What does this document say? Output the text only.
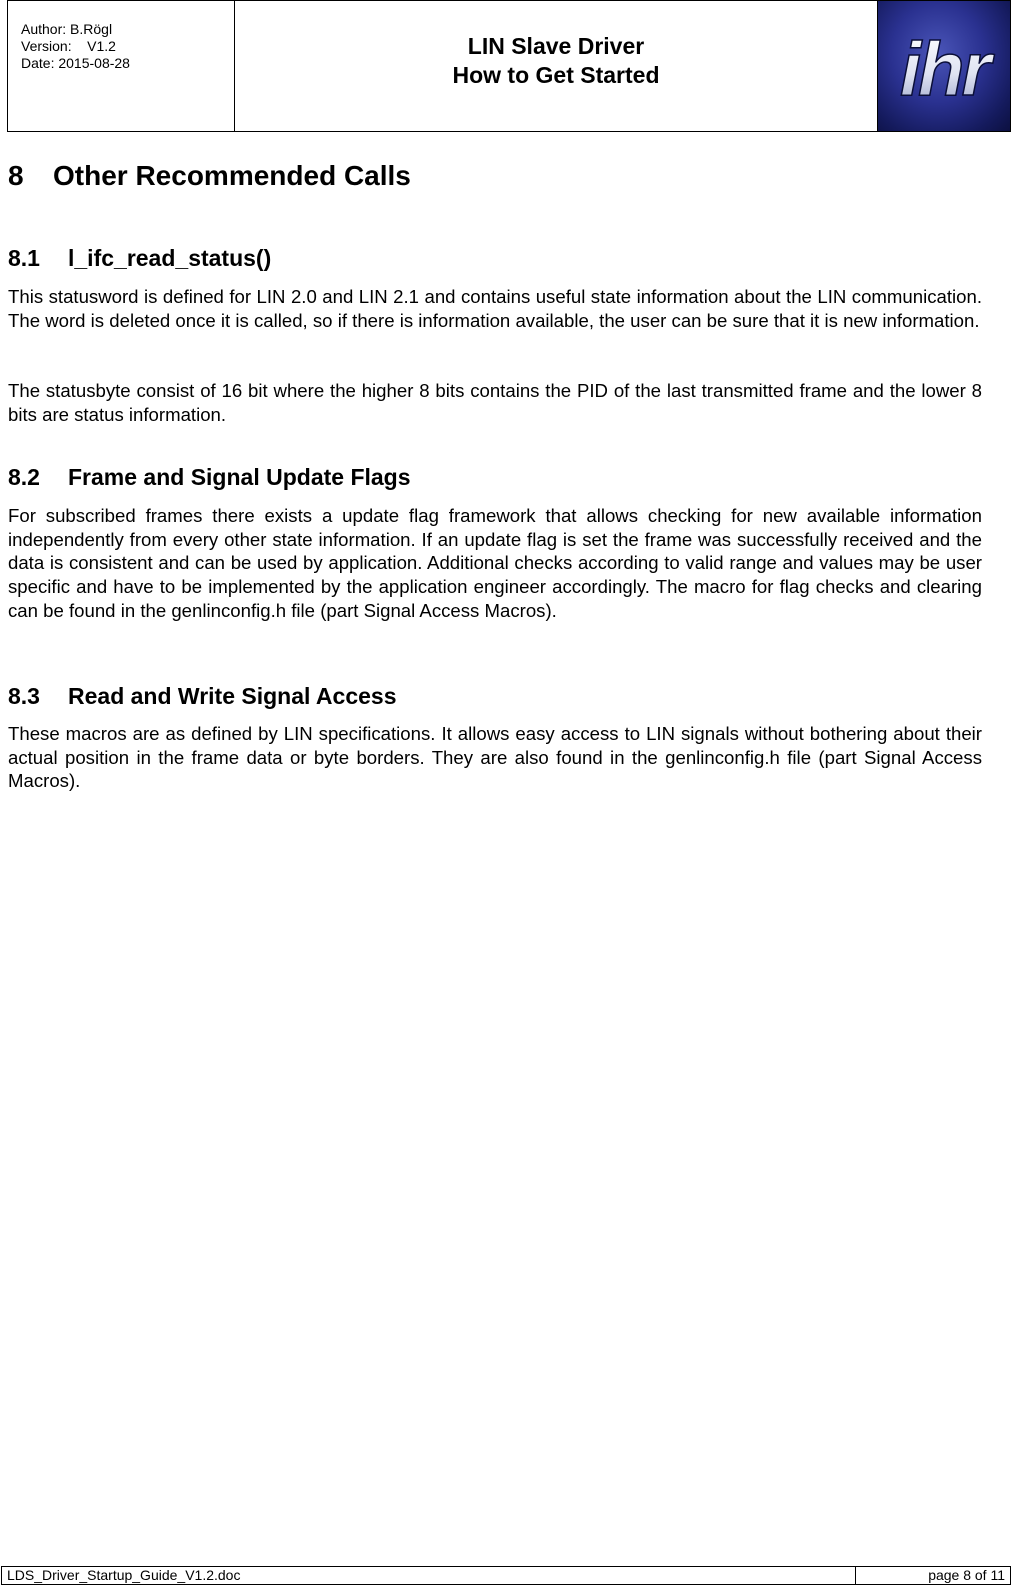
Author: B.Rögl
Version:    V1.2
Date: 2015-08-28
LIN Slave Driver
How to Get Started	ihr
8 Other Recommended Calls
8.1 l_ifc_read_status()

This statusword is defined for LIN 2.0 and LIN 2.1 and contains useful state information about the LIN communication. The word is deleted once it is called, so if there is information available, the user can be sure that it is new information.

The statusbyte consist of 16 bit where the higher 8 bits contains the PID of the last transmitted frame and the lower 8 bits are status information.

8.2 Frame and Signal Update Flags

For subscribed frames there exists a update flag framework that allows checking for new available information independently from every other state information. If an update flag is set the frame was successfully received and the data is consistent and can be used by application. Additional checks according to valid range and values may be user specific and have to be implemented by the application engineer accordingly. The macro for flag checks and clearing can be found in the genlinconfig.h file (part Signal Access Macros).

8.3 Read and Write Signal Access

These macros are as defined by LIN specifications. It allows easy access to LIN signals without bothering about their actual position in the frame data or byte borders. They are also found in the genlinconfig.h file (part Signal Access Macros).

LDS_Driver_Startup_Guide_V1.2.doc	page 8 of 11
